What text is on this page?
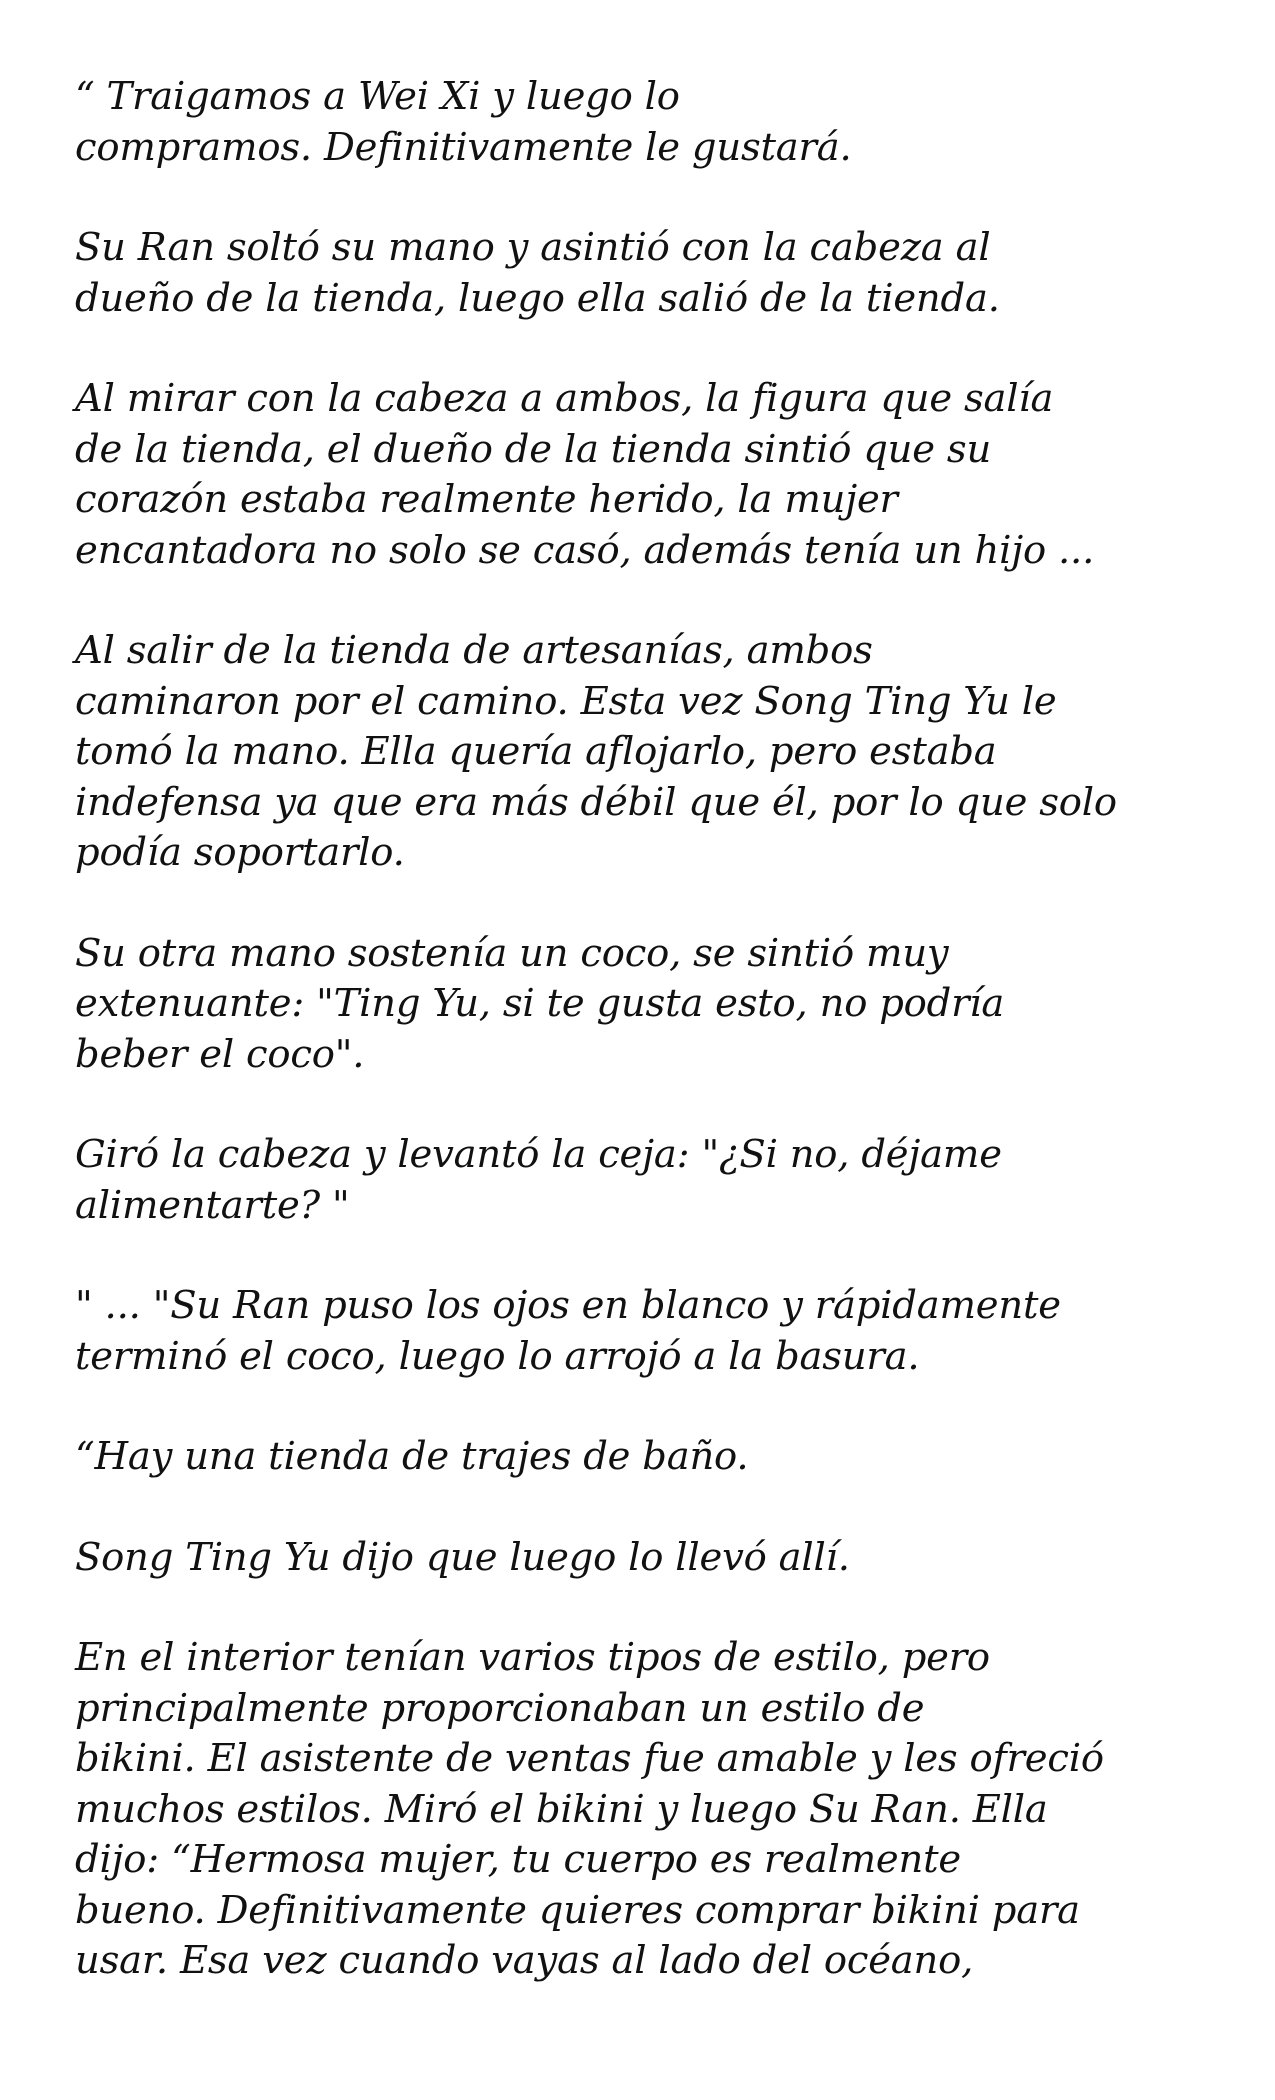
“ Traigamos a Wei Xi y luego lo
compramos. Definitivamente le gustará.

Su Ran soltó su mano y asintió con la cabeza al
dueño de la tienda, luego ella salió de la tienda.

Al mirar con la cabeza a ambos, la figura que salía
de la tienda, el dueño de la tienda sintió que su
corazón estaba realmente herido, la mujer
encantadora no solo se casó, además tenía un hijo ...

Al salir de la tienda de artesanías, ambos
caminaron por el camino. Esta vez Song Ting Yu le
tomó la mano. Ella quería aflojarlo, pero estaba
indefensa ya que era más débil que él, por lo que solo
podía soportarlo.

Su otra mano sostenía un coco, se sintió muy
extenuante: "Ting Yu, si te gusta esto, no podría
beber el coco".

Giró la cabeza y levantó la ceja: "¿Si no, déjame
alimentarte? "

" ... "Su Ran puso los ojos en blanco y rápidamente
terminó el coco, luego lo arrojó a la basura.

“Hay una tienda de trajes de baño.

Song Ting Yu dijo que luego lo llevó allí.

En el interior tenían varios tipos de estilo, pero
principalmente proporcionaban un estilo de
bikini. El asistente de ventas fue amable y les ofreció
muchos estilos. Miró el bikini y luego Su Ran. Ella
dijo: “Hermosa mujer, tu cuerpo es realmente
bueno. Definitivamente quieres comprar bikini para
usar. Esa vez cuando vayas al lado del océano,
